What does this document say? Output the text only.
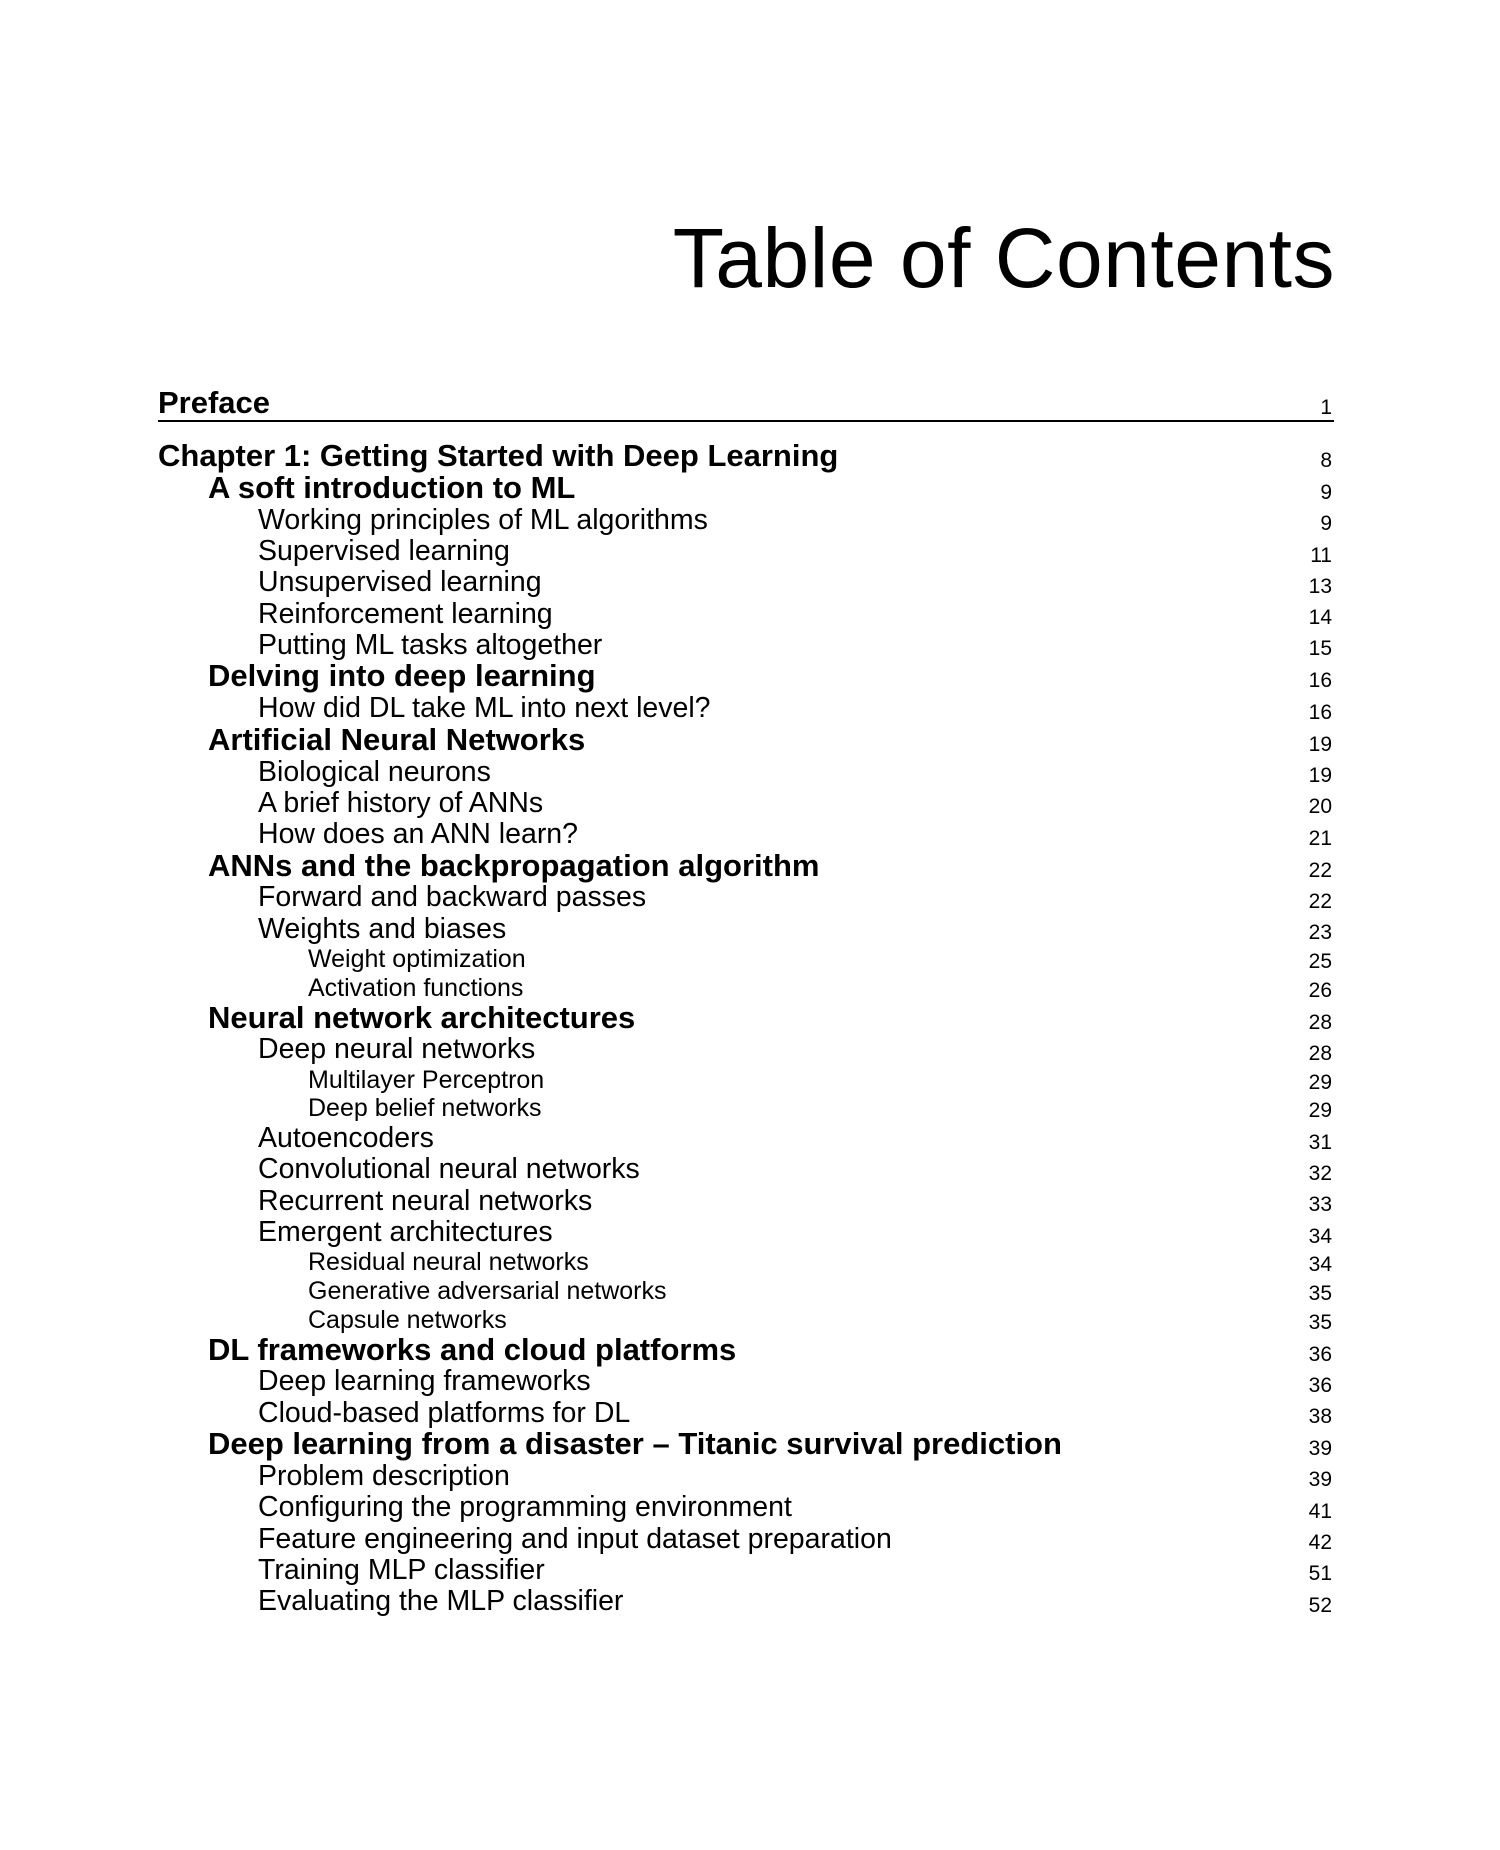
Table of Contents
Preface	1
Chapter 1: Getting Started with Deep Learning	8
A soft introduction to ML	9
Working principles of ML algorithms	9
Supervised learning	11
Unsupervised learning	13
Reinforcement learning	14
Putting ML tasks altogether	15
Delving into deep learning	16
How did DL take ML into next level?	16
Artificial Neural Networks	19
Biological neurons	19
A brief history of ANNs	20
How does an ANN learn?	21
ANNs and the backpropagation algorithm	22
Forward and backward passes	22
Weights and biases	23
Weight optimization	25
Activation functions	26
Neural network architectures	28
Deep neural networks	28
Multilayer Perceptron	29
Deep belief networks	29
Autoencoders	31
Convolutional neural networks	32
Recurrent neural networks	33
Emergent architectures	34
Residual neural networks	34
Generative adversarial networks	35
Capsule networks	35
DL frameworks and cloud platforms	36
Deep learning frameworks	36
Cloud-based platforms for DL	38
Deep learning from a disaster – Titanic survival prediction	39
Problem description	39
Configuring the programming environment	41
Feature engineering and input dataset preparation	42
Training MLP classifier	51
Evaluating the MLP classifier	52
